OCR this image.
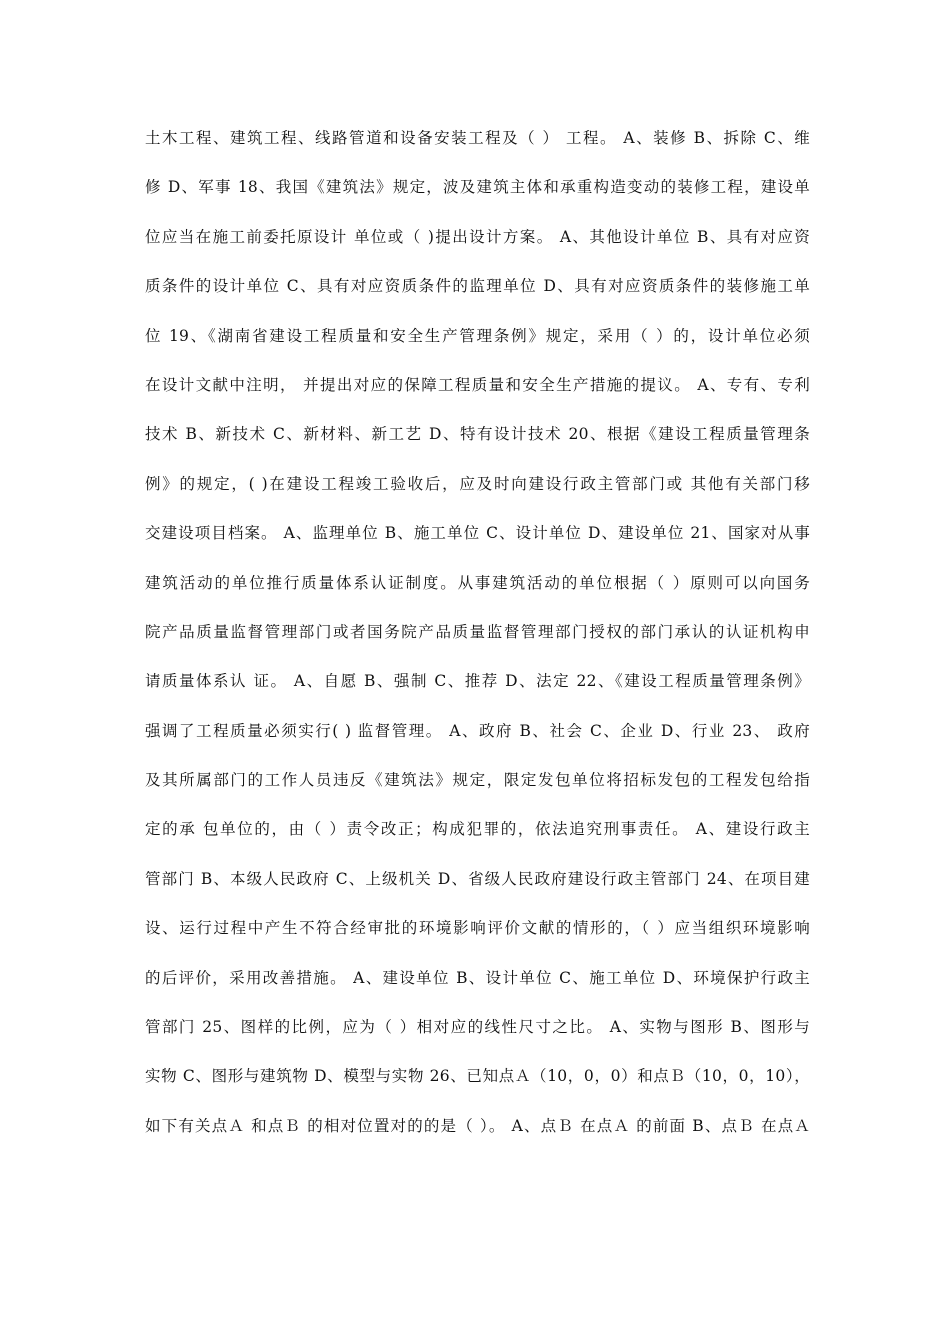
土木工程、建筑工程、线路管道和设备安装工程及（ ） 工程。 A、装修 B、拆除 C、维
修 D、军事 18、我国《建筑法》规定，波及建筑主体和承重构造变动的装修工程，建设单
位应当在施工前委托原设计 单位或（ )提出设计方案。 A、其他设计单位 B、具有对应资
质条件的设计单位 C、具有对应资质条件的监理单位 D、具有对应资质条件的装修施工单
位 19、《湖南省建设工程质量和安全生产管理条例》规定，采用（ ）的，设计单位必须
在设计文献中注明， 并提出对应的保障工程质量和安全生产措施的提议。 A、专有、专利
技术 B、新技术 C、新材料、新工艺 D、特有设计技术 20、根据《建设工程质量管理条
例》的规定，( )在建设工程竣工验收后，应及时向建设行政主管部门或 其他有关部门移
交建设项目档案。 A、监理单位 B、施工单位 C、设计单位 D、建设单位 21、国家对从事
建筑活动的单位推行质量体系认证制度。从事建筑活动的单位根据（ ）原则可以向国务
院产品质量监督管理部门或者国务院产品质量监督管理部门授权的部门承认的认证机构申
请质量体系认 证。 A、自愿 B、强制 C、推荐 D、法定 22、《建设工程质量管理条例》
强调了工程质量必须实行( ) 监督管理。 A、政府 B、社会 C、企业 D、行业 23、 政府
及其所属部门的工作人员违反《建筑法》规定，限定发包单位将招标发包的工程发包给指
定的承 包单位的，由（ ）责令改正；构成犯罪的，依法追究刑事责任。 A、建设行政主
管部门 B、本级人民政府 C、上级机关 D、省级人民政府建设行政主管部门 24、在项目建
设、运行过程中产生不符合经审批的环境影响评价文献的情形的，（ ）应当组织环境影响
的后评价，采用改善措施。 A、建设单位 B、设计单位 C、施工单位 D、环境保护行政主
管部门 25、图样的比例，应为（ ）相对应的线性尺寸之比。 A、实物与图形 B、图形与
实物 C、图形与建筑物 D、模型与实物 26、已知点Ａ（10，0，0）和点Ｂ（10，0，10），
如下有关点Ａ 和点Ｂ 的相对位置对的的是（ ）。 A、点Ｂ 在点Ａ 的前面 B、点Ｂ 在点Ａ
